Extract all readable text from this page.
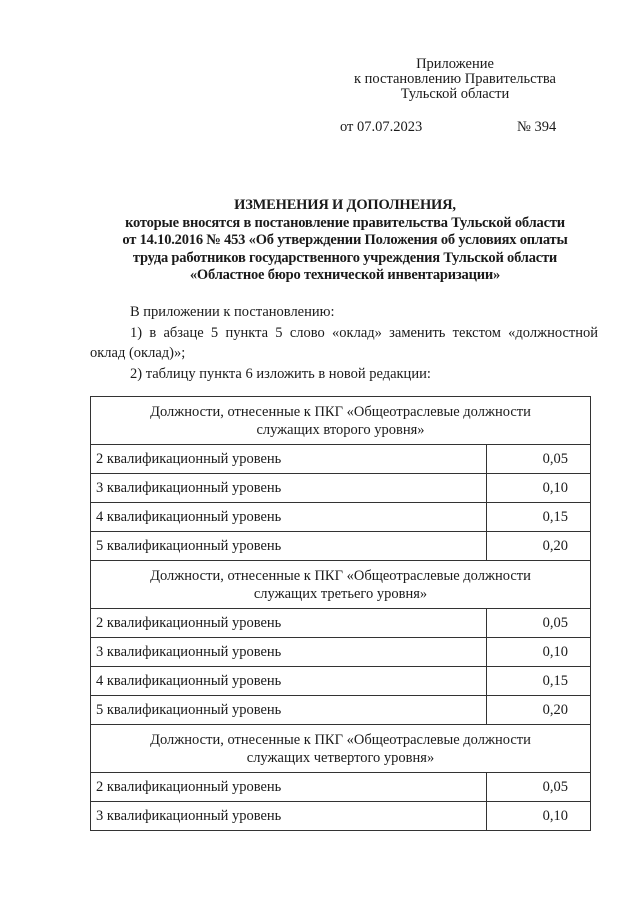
Приложение
к постановлению Правительства
Тульской области
от 07.07.2023	№ 394
ИЗМЕНЕНИЯ И ДОПОЛНЕНИЯ,
которые вносятся в постановление правительства Тульской области
от 14.10.2016 № 453 «Об утверждении Положения об условиях оплаты
труда работников государственного учреждения Тульской области
«Областное бюро технической инвентаризации»

В приложении к постановлению:

1) в абзаце 5 пункта 5 слово «оклад» заменить текстом «должностной оклад (оклад)»;

2) таблицу пункта 6 изложить в новой редакции:

Должности, отнесенные к ПКГ «Общеотраслевые должности
служащих второго уровня»	

2 квалификационный уровень	0,05
3 квалификационный уровень	0,10
4 квалификационный уровень	0,15
5 квалификационный уровень	0,20

Должности, отнесенные к ПКГ «Общеотраслевые должности
служащих третьего уровня»	

2 квалификационный уровень	0,05
3 квалификационный уровень	0,10
4 квалификационный уровень	0,15
5 квалификационный уровень	0,20

Должности, отнесенные к ПКГ «Общеотраслевые должности
служащих четвертого уровня»	

2 квалификационный уровень	0,05
3 квалификационный уровень	0,10
